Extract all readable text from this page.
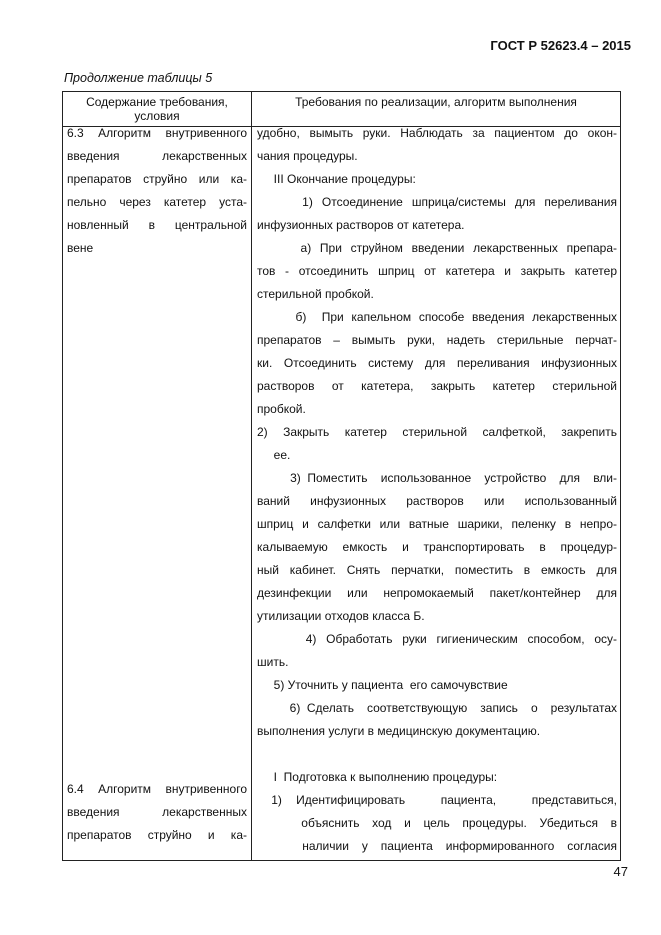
ГОСТ Р 52623.4 – 2015
Продолжение таблицы 5
Содержание требования,
условия
Требования по реализации, алгоритм выполнения
6.3 Алгоритм внутривенного
введения лекарственных
препаратов струйно или ка-
пельно через катетер уста-
новленный в центральной
вене
удобно, вымыть руки. Наблюдать за пациентом до окон-
чания процедуры.
III Окончание процедуры:
1) Отсоединение шприца/системы для переливания
инфузионных растворов от катетера.
а) При струйном введении лекарственных препара-
тов - отсоединить шприц от катетера и закрыть катетер
стерильной пробкой.
б)  При капельном способе введения лекарственных
препаратов – вымыть руки, надеть стерильные перчат-
ки. Отсоединить систему для переливания инфузионных
растворов от катетера, закрыть катетер стерильной
пробкой.
2) Закрыть катетер стерильной салфеткой, закрепить
ее.
3) Поместить  использованное  устройство  для  вли-
ваний инфузионных растворов или использованный
шприц и салфетки или ватные шарики, пеленку в непро-
калываемую емкость и транспортировать в процедур-
ный кабинет. Снять перчатки, поместить в емкость для
дезинфекции или непромокаемый пакет/контейнер для
утилизации отходов класса Б.
4) Обработать руки гигиеническим способом, осу-
шить.
5) Уточнить у пациента  его самочувствие
6) Сделать  соответствующую  запись  о  результатах
выполнения услуги в медицинскую документацию.
6.4 Алгоритм внутривенного
введения лекарственных
препаратов струйно и ка-
I  Подготовка к выполнению процедуры:
1)  Идентифицировать     пациента,     представиться,
объяснить  ход  и  цель  процедуры.  Убедиться  в
наличии  у  пациента  информированного  согласия
47
